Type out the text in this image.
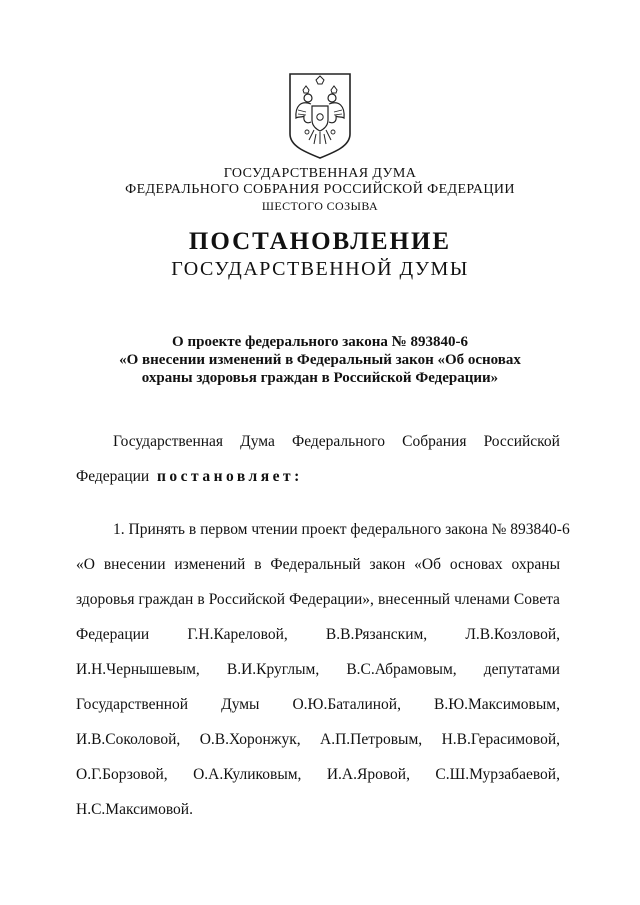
ГОСУДАРСТВЕННАЯ ДУМА
ФЕДЕРАЛЬНОГО СОБРАНИЯ РОССИЙСКОЙ ФЕДЕРАЦИИ
ШЕСТОГО СОЗЫВА
ПОСТАНОВЛЕНИЕ
ГОСУДАРСТВЕННОЙ ДУМЫ
О проекте федерального закона № 893840-6
«О внесении изменений в Федеральный закон «Об основах
охраны здоровья граждан в Российской Федерации»
Государственная Дума Федерального Собрания Российской
Федерации постановляет:
1. Принять в первом чтении проект федерального закона № 893840-6
«О внесении изменений в Федеральный закон «Об основах охраны
здоровья граждан в Российской Федерации», внесенный членами Совета
Федерации Г.Н.Кареловой, В.В.Рязанским, Л.В.Козловой,
И.Н.Чернышевым, В.И.Круглым, В.С.Абрамовым, депутатами
Государственной Думы О.Ю.Баталиной, В.Ю.Максимовым,
И.В.Соколовой, О.В.Хоронжук, А.П.Петровым, Н.В.Герасимовой,
О.Г.Борзовой, О.А.Куликовым, И.А.Яровой, С.Ш.Мурзабаевой,
Н.С.Максимовой.
